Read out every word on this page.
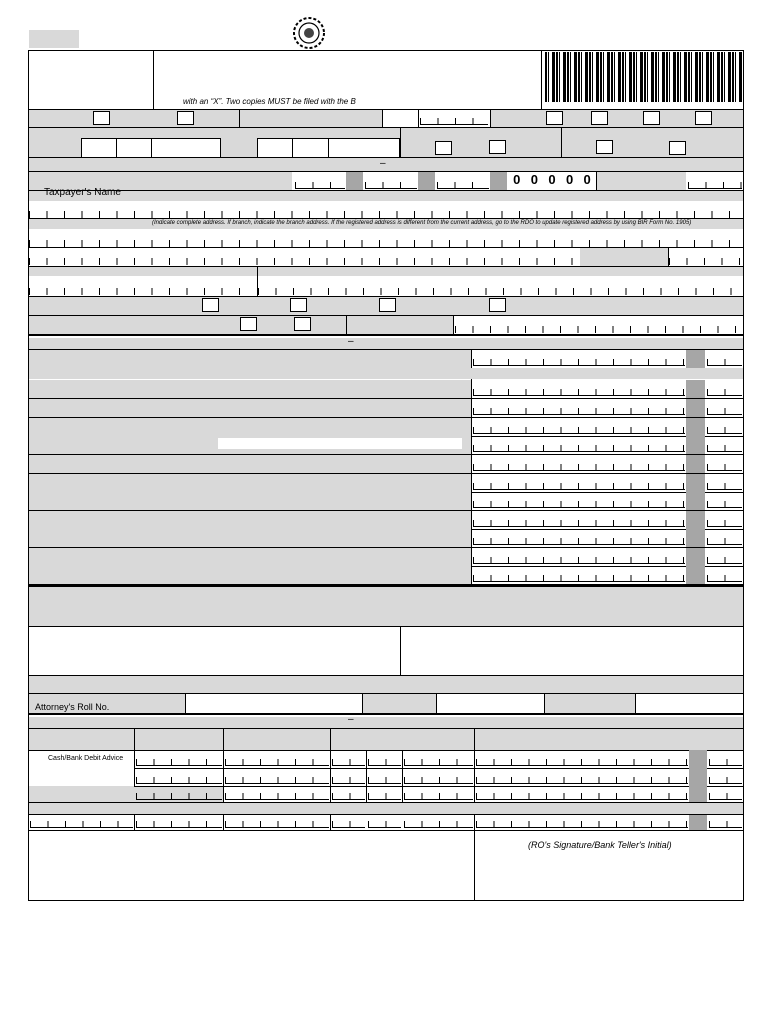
with an “X”. Two copies MUST be filed with the B
–
0 0 0 0 0
Taxpayer's Name
(Indicate complete address. If branch, indicate the branch address. If the registered address is different from the current address, go to the RDO to update registered address by using BIR Form No. 1905)
–
Attorney's Roll No.
–
Cash/Bank Debit Advice
(RO's Signature/Bank Teller's Initial)
